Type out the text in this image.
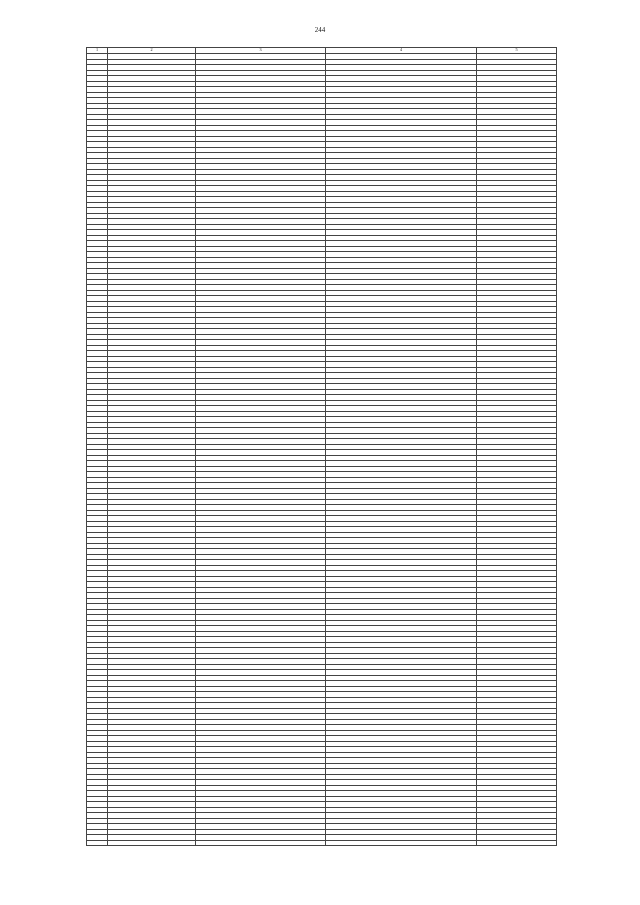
244
1	2	3	4	5
